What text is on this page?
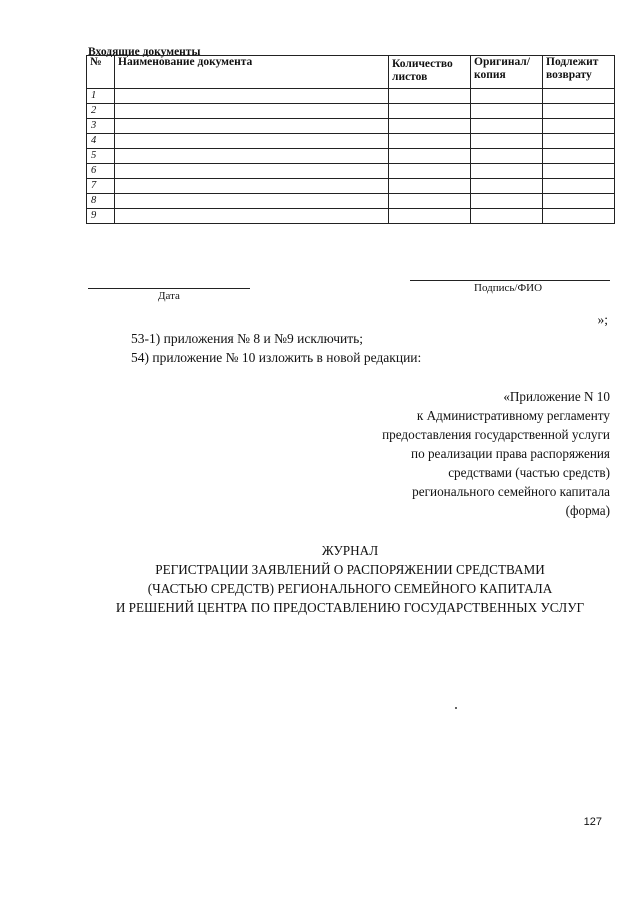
Входящие документы
№	Наименование документа	Количество листов	Оригинал/ копия	Подлежит возврату
1				
2				
3				
4				
5				
6				
7				
8				
9				
Дата
Подпись/ФИО
»;
53-1) приложения № 8 и №9 исключить;
54) приложение № 10 изложить в новой редакции:
«Приложение N 10
к Административному регламенту
предоставления государственной услуги
по реализации права распоряжения
средствами (частью средств)
регионального семейного капитала
(форма)
ЖУРНАЛ
РЕГИСТРАЦИИ ЗАЯВЛЕНИЙ О РАСПОРЯЖЕНИИ СРЕДСТВАМИ
(ЧАСТЬЮ СРЕДСТВ) РЕГИОНАЛЬНОГО СЕМЕЙНОГО КАПИТАЛА
И РЕШЕНИЙ ЦЕНТРА ПО ПРЕДОСТАВЛЕНИЮ ГОСУДАРСТВЕННЫХ УСЛУГ
127
